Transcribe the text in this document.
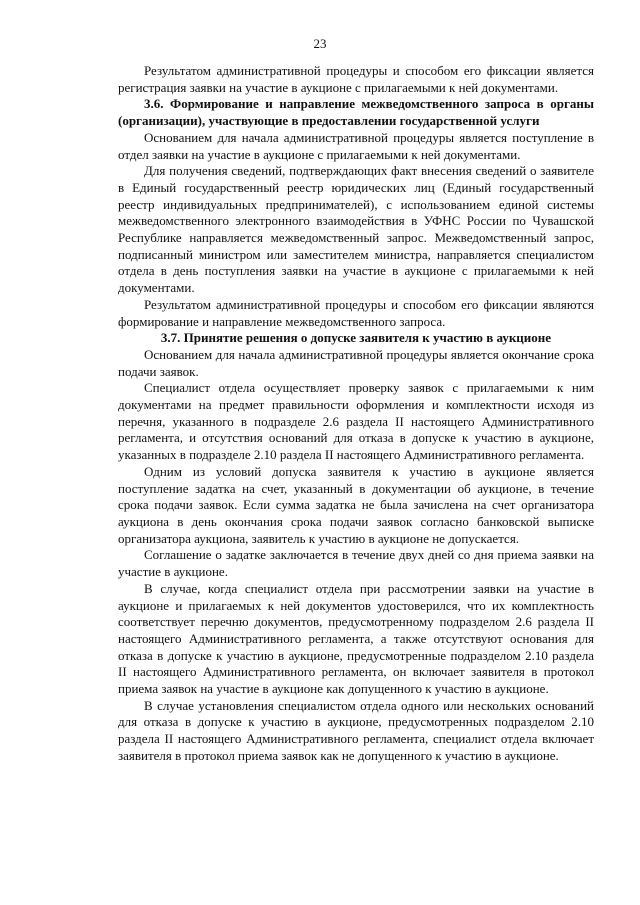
23

Результатом административной процедуры и способом его фиксации является регистрация заявки на участие в аукционе с прилагаемыми к ней документами.

3.6. Формирование и направление межведомственного запроса в органы (организации), участвующие в предоставлении государственной услуги

Основанием для начала административной процедуры является поступление в отдел заявки на участие в аукционе с прилагаемыми к ней документами.

Для получения сведений, подтверждающих факт внесения сведений о заявителе в Единый государственный реестр юридических лиц (Единый государственный реестр индивидуальных предпринимателей), с использованием единой системы межведомственного электронного взаимодействия в УФНС России по Чувашской Республике направляется межведомственный запрос. Межведомственный запрос, подписанный министром или заместителем министра, направляется специалистом отдела в день поступления заявки на участие в аукционе с прилагаемыми к ней документами.

Результатом административной процедуры и способом его фиксации являются формирование и направление межведомственного запроса.

3.7. Принятие решения о допуске заявителя к участию в аукционе

Основанием для начала административной процедуры является окончание срока подачи заявок.

Специалист отдела осуществляет проверку заявок с прилагаемыми к ним документами на предмет правильности оформления и комплектности исходя из перечня, указанного в подразделе 2.6 раздела II настоящего Административного регламента, и отсутствия оснований для отказа в допуске к участию в аукционе, указанных в подразделе 2.10 раздела II настоящего Административного регламента.

Одним из условий допуска заявителя к участию в аукционе является поступление задатка на счет, указанный в документации об аукционе, в течение срока подачи заявок. Если сумма задатка не была зачислена на счет организатора аукциона в день окончания срока подачи заявок согласно банковской выписке организатора аукциона, заявитель к участию в аукционе не допускается.

Соглашение о задатке заключается в течение двух дней со дня приема заявки на участие в аукционе.

В случае, когда специалист отдела при рассмотрении заявки на участие в аукционе и прилагаемых к ней документов удостоверился, что их комплектность соответствует перечню документов, предусмотренному подразделом 2.6 раздела II настоящего Административного регламента, а также отсутствуют основания для отказа в допуске к участию в аукционе, предусмотренные подразделом 2.10 раздела II настоящего Административного регламента, он включает заявителя в протокол приема заявок на участие в аукционе как допущенного к участию в аукционе.

В случае установления специалистом отдела одного или нескольких оснований для отказа в допуске к участию в аукционе, предусмотренных подразделом 2.10 раздела II настоящего Административного регламента, специалист отдела включает заявителя в протокол приема заявок как не допущенного к участию в аукционе.
